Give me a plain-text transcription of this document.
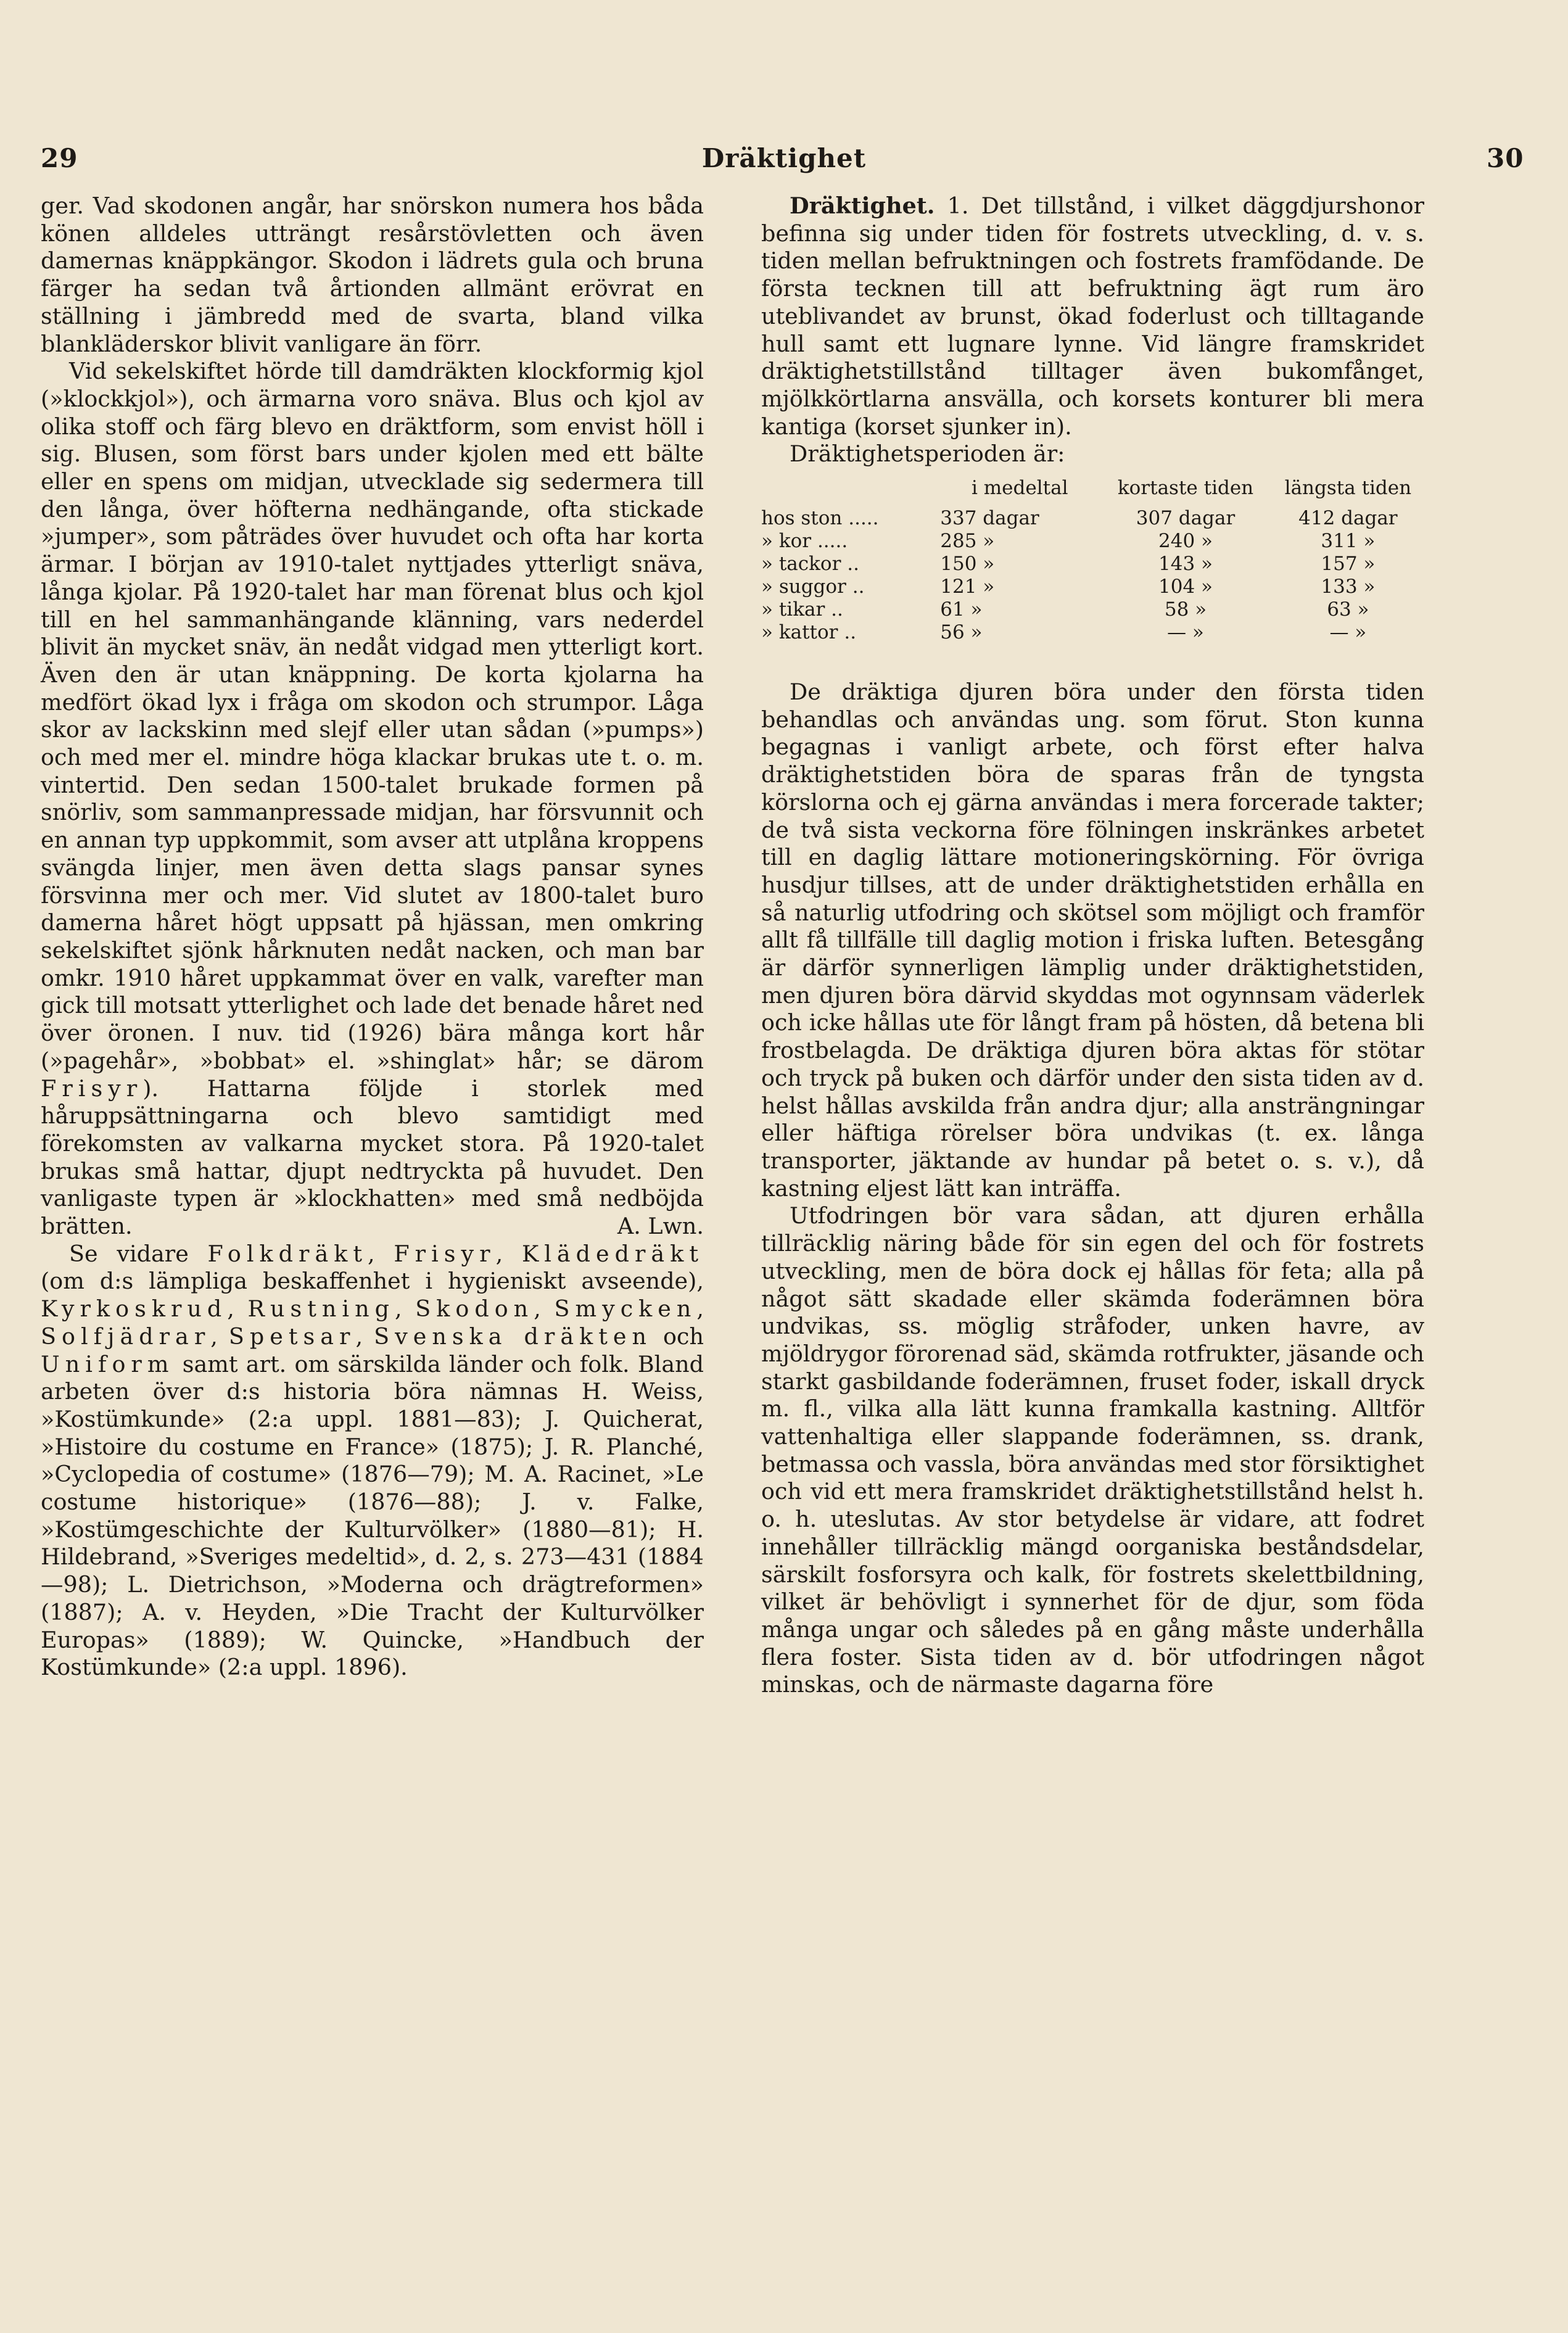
29	Dräktighet	30

ger. Vad skodonen angår, har snörskon numera hos båda könen alldeles utträngt resårstövletten och även damernas knäppkängor. Skodon i lädrets gula och bruna färger ha sedan två årtionden allmänt erövrat en ställning i jämbredd med de svarta, bland vilka blankläderskor blivit vanligare än förr.

Vid sekelskiftet hörde till damdräkten klockformig kjol (»klockkjol»), och ärmarna voro snäva. Blus och kjol av olika stoff och färg blevo en dräktform, som envist höll i sig. Blusen, som först bars under kjolen med ett bälte eller en spens om midjan, utvecklade sig sedermera till den långa, över höfterna nedhängande, ofta stickade »jumper», som påträdes över huvudet och ofta har korta ärmar. I början av 1910-talet nyttjades ytterligt snäva, långa kjolar. På 1920-talet har man förenat blus och kjol till en hel sammanhängande klänning, vars nederdel blivit än mycket snäv, än nedåt vidgad men ytterligt kort. Även den är utan knäppning. De korta kjolarna ha medfört ökad lyx i fråga om skodon och strumpor. Låga skor av lackskinn med slejf eller utan sådan (»pumps») och med mer el. mindre höga klackar brukas ute t. o. m. vintertid. Den sedan 1500-talet brukade formen på snörliv, som sammanpressade midjan, har försvunnit och en annan typ uppkommit, som avser att utplåna kroppens svängda linjer, men även detta slags pansar synes försvinna mer och mer. Vid slutet av 1800-talet buro damerna håret högt uppsatt på hjässan, men omkring sekelskiftet sjönk hårknuten nedåt nacken, och man bar omkr. 1910 håret uppkammat över en valk, varefter man gick till motsatt ytterlighet och lade det benade håret ned över öronen. I nuv. tid (1926) bära många kort hår (»pagehår», »bobbat» el. »shinglat» hår; se därom Frisyr). Hattarna följde i storlek med håruppsättningarna och blevo samtidigt med förekomsten av valkarna mycket stora. På 1920-talet brukas små hattar, djupt nedtryckta på huvudet. Den vanligaste typen är »klockhatten» med små nedböjda brätten.	A. Lwn.

Se vidare Folkdräkt, Frisyr, Klädedräkt (om d:s lämpliga beskaffenhet i hygieniskt avseende), Kyrkoskrud, Rustning, Skodon, Smycken, Solfjädrar, Spetsar, Svenska dräkten och Uniform samt art. om särskilda länder och folk. Bland arbeten över d:s historia böra nämnas H. Weiss, »Kostümkunde» (2:a uppl. 1881—83); J. Quicherat, »Histoire du costume en France» (1875); J. R. Planché, »Cyclopedia of costume» (1876—79); M. A. Racinet, »Le costume historique» (1876—88); J. v. Falke, »Kostümgeschichte der Kulturvölker» (1880—81); H. Hildebrand, »Sveriges medeltid», d. 2, s. 273—431 (1884—98); L. Dietrichson, »Moderna och drägtreformen» (1887); A. v. Heyden, »Die Tracht der Kulturvölker Europas» (1889); W. Quincke, »Handbuch der Kostümkunde» (2:a uppl. 1896).

Dräktighet. 1. Det tillstånd, i vilket däggdjurshonor befinna sig under tiden för fostrets utveckling, d. v. s. tiden mellan befruktningen och fostrets framfödande. De första tecknen till att befruktning ägt rum äro uteblivandet av brunst, ökad foderlust och tilltagande hull samt ett lugnare lynne. Vid längre framskridet dräktighetstillstånd tilltager även bukomfånget, mjölkkörtlarna ansvälla, och korsets konturer bli mera kantiga (korset sjunker in).

Dräktighetsperioden är:

	i medeltal	kortaste tiden	längsta tiden
hos ston .....	337 dagar	307 dagar	412 dagar
» kor .....	285 »	240 »	311 »
» tackor ..	150 »	143 »	157 »
» suggor ..	121 »	104 »	133 »
» tikar ..	61 »	58 »	63 »
» kattor ..	56 »	— »	— »

De dräktiga djuren böra under den första tiden behandlas och användas ung. som förut. Ston kunna begagnas i vanligt arbete, och först efter halva dräktighetstiden böra de sparas från de tyngsta körslorna och ej gärna användas i mera forcerade takter; de två sista veckorna före fölningen inskränkes arbetet till en daglig lättare motioneringskörning. För övriga husdjur tillses, att de under dräktighetstiden erhålla en så naturlig utfodring och skötsel som möjligt och framför allt få tillfälle till daglig motion i friska luften. Betesgång är därför synnerligen lämplig under dräktighetstiden, men djuren böra därvid skyddas mot ogynnsam väderlek och icke hållas ute för långt fram på hösten, då betena bli frostbelagda. De dräktiga djuren böra aktas för stötar och tryck på buken och därför under den sista tiden av d. helst hållas avskilda från andra djur; alla ansträngningar eller häftiga rörelser böra undvikas (t. ex. långa transporter, jäktande av hundar på betet o. s. v.), då kastning eljest lätt kan inträffa.

Utfodringen bör vara sådan, att djuren erhålla tillräcklig näring både för sin egen del och för fostrets utveckling, men de böra dock ej hållas för feta; alla på något sätt skadade eller skämda foderämnen böra undvikas, ss. möglig stråfoder, unken havre, av mjöldrygor förorenad säd, skämda rotfrukter, jäsande och starkt gasbildande foderämnen, fruset foder, iskall dryck m. fl., vilka alla lätt kunna framkalla kastning. Alltför vattenhaltiga eller slappande foderämnen, ss. drank, betmassa och vassla, böra användas med stor försiktighet och vid ett mera framskridet dräktighetstillstånd helst h. o. h. uteslutas. Av stor betydelse är vidare, att fodret innehåller tillräcklig mängd oorganiska beståndsdelar, särskilt fosforsyra och kalk, för fostrets skelettbildning, vilket är behövligt i synnerhet för de djur, som föda många ungar och således på en gång måste underhålla flera foster. Sista tiden av d. bör utfodringen något minskas, och de närmaste dagarna före
